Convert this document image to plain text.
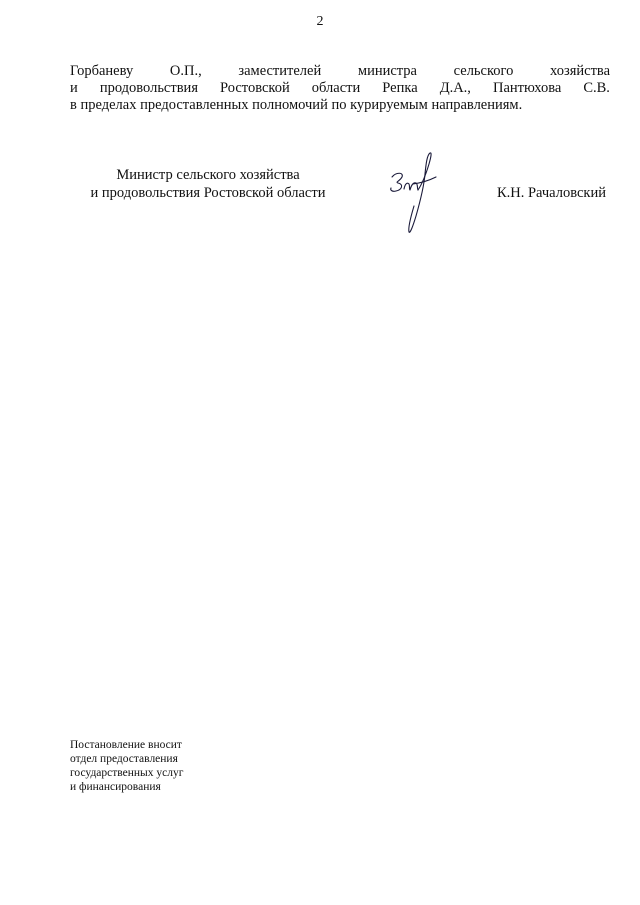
2
Горбаневу	О.П.,	заместителей	министра	сельского	хозяйства
и продовольствия Ростовской области Репка Д.А., Пантюхова С.В.
в пределах предоставленных полномочий по курируемым направлениям.
Министр сельского хозяйства
и продовольствия Ростовской области	К.Н. Рачаловский
Постановление вносит
отдел предоставления
государственных услуг
и финансирования
